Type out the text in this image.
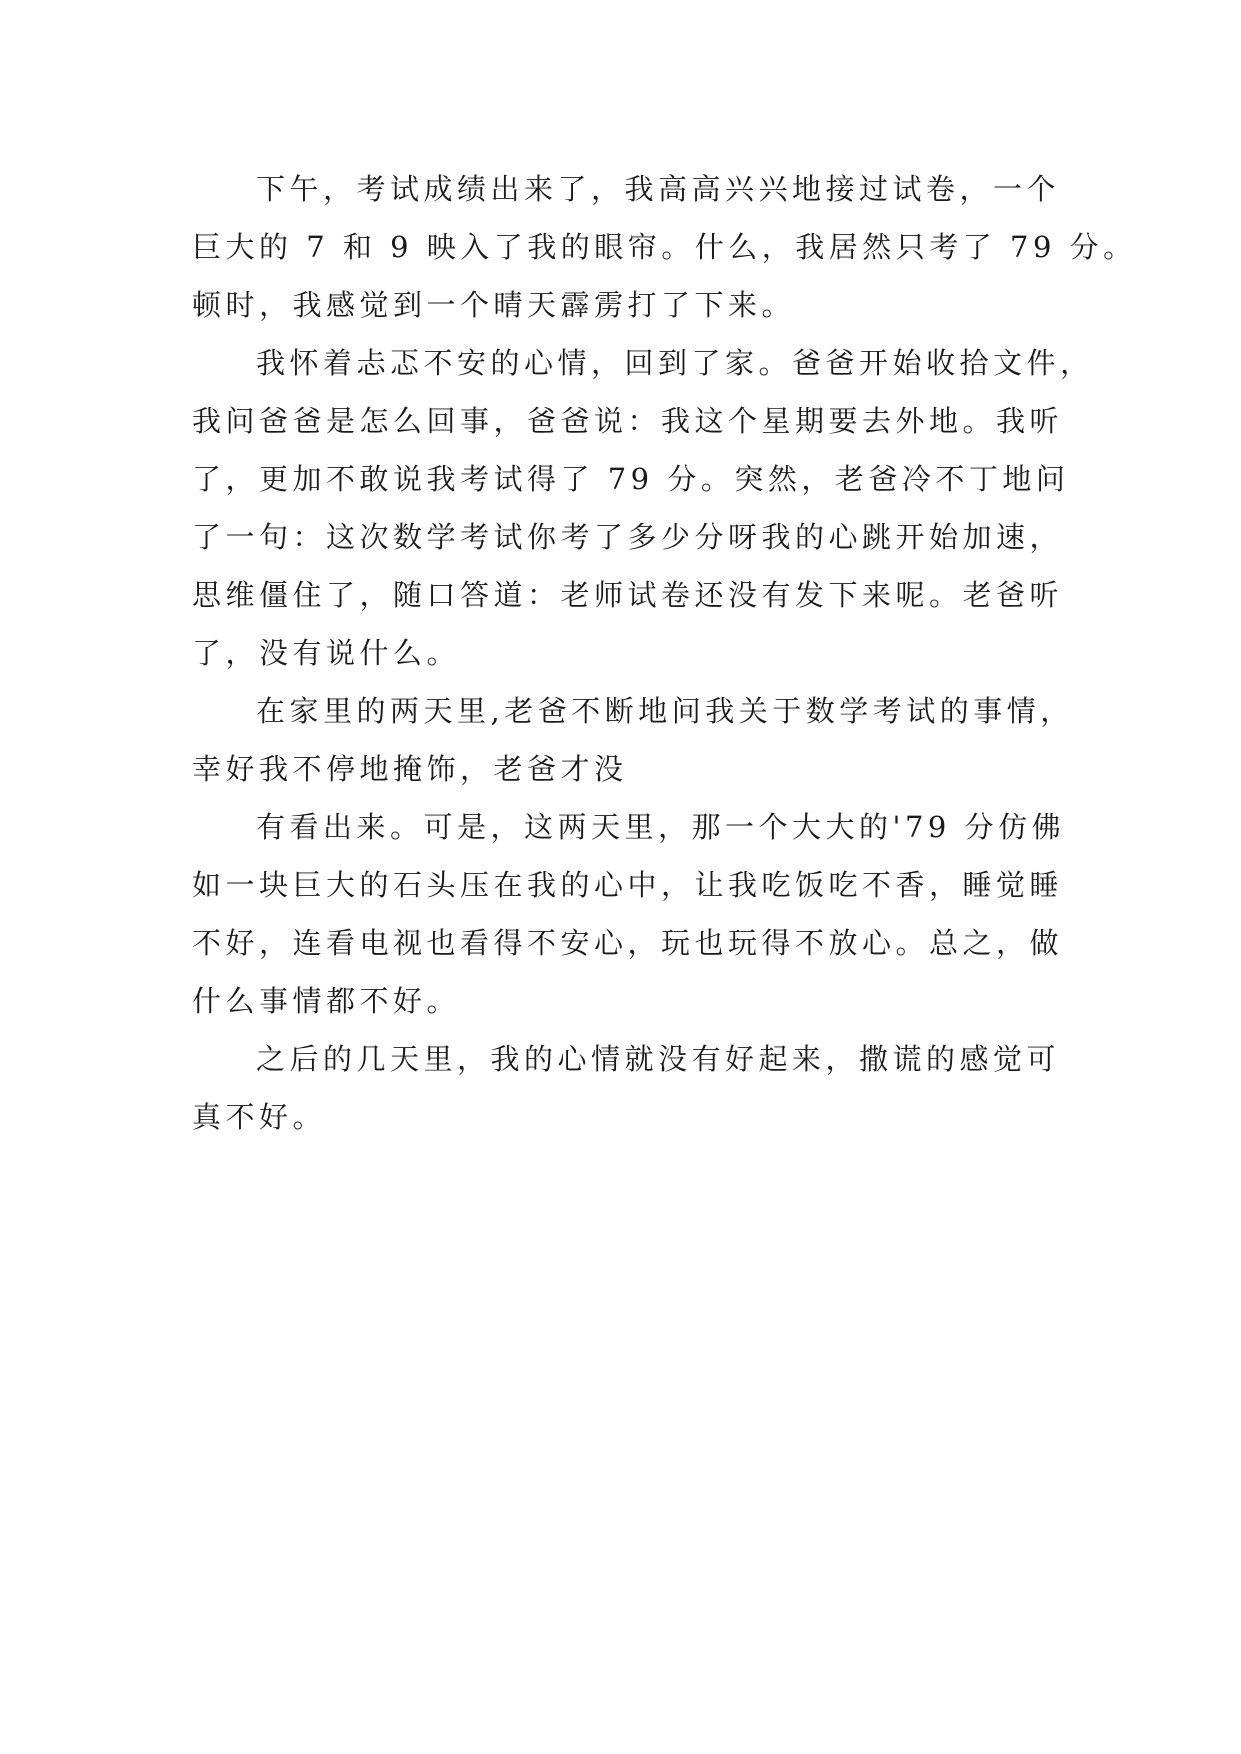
下午，考试成绩出来了，我高高兴兴地接过试卷，一个
巨大的 7 和 9 映入了我的眼帘。什么，我居然只考了 79 分。
顿时，我感觉到一个晴天霹雳打了下来。
我怀着忐忑不安的心情，回到了家。爸爸开始收拾文件，
我问爸爸是怎么回事，爸爸说：我这个星期要去外地。我听
了，更加不敢说我考试得了 79 分。突然，老爸冷不丁地问
了一句：这次数学考试你考了多少分呀我的心跳开始加速，
思维僵住了，随口答道：老师试卷还没有发下来呢。老爸听
了，没有说什么。
在家里的两天里,老爸不断地问我关于数学考试的事情，
幸好我不停地掩饰，老爸才没
有看出来。可是，这两天里，那一个大大的'79 分仿佛
如一块巨大的石头压在我的心中，让我吃饭吃不香，睡觉睡
不好，连看电视也看得不安心，玩也玩得不放心。总之，做
什么事情都不好。
之后的几天里，我的心情就没有好起来，撒谎的感觉可
真不好。
